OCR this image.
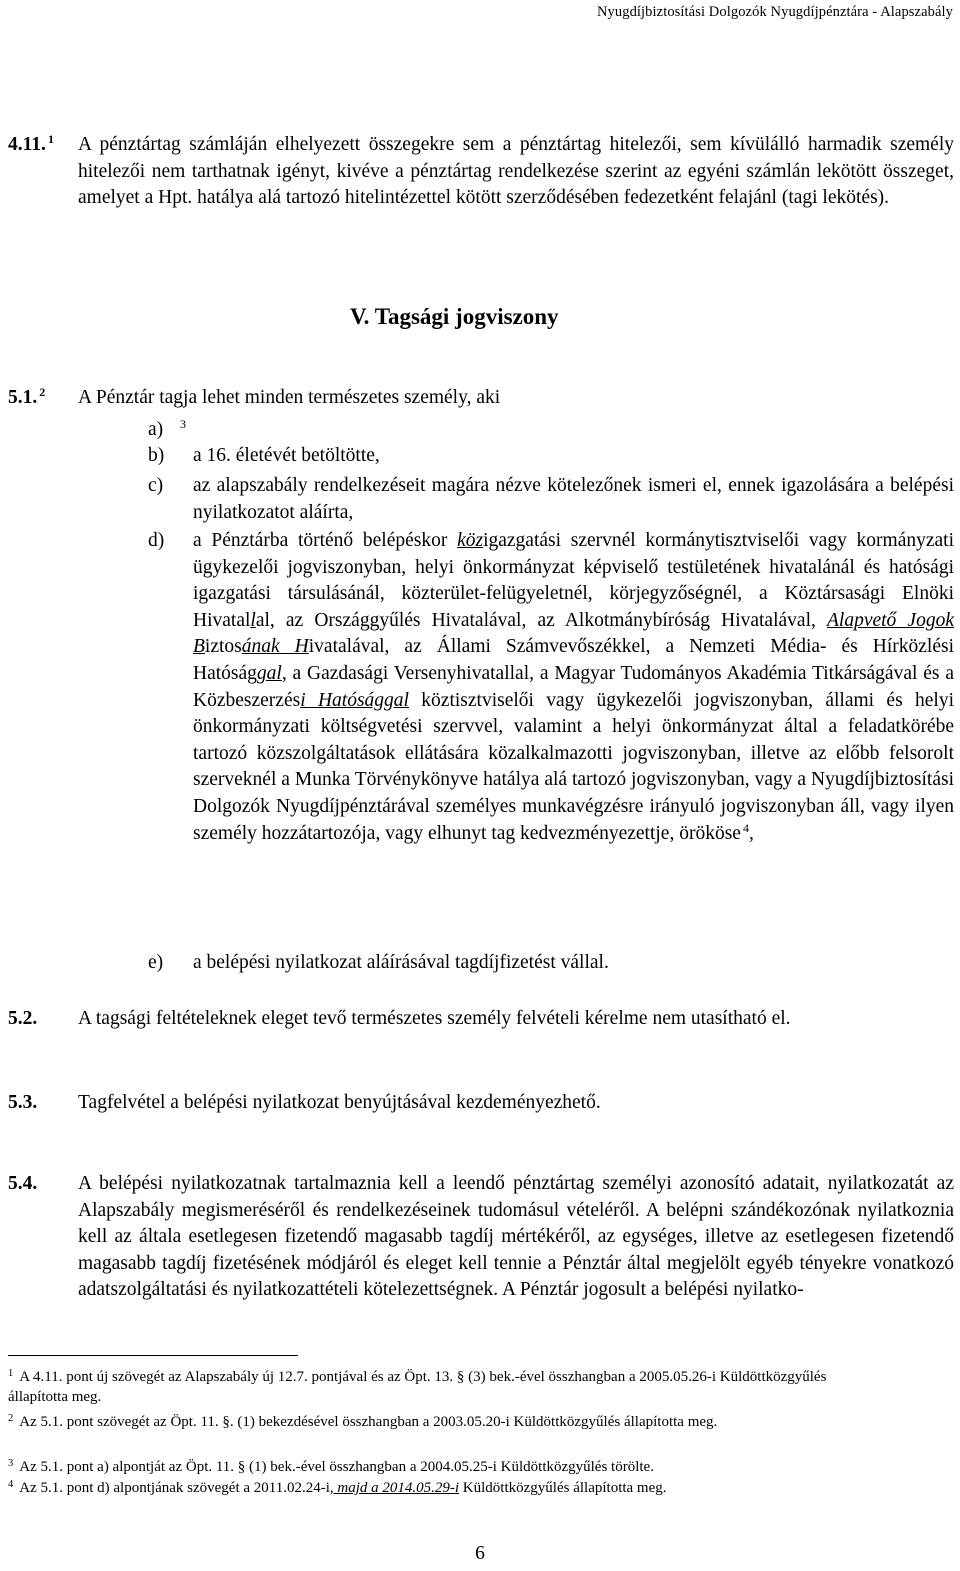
Nyugdíjbiztosítási Dolgozók Nyugdíjpénztára - Alapszabály
4.11. $^1$ A pénztártag számláján elhelyezett összegekre sem a pénztártag hitelezői, sem kívülálló harmadik személy hitelezői nem tarthatnak igényt, kivéve a pénztártag rendelkezése szerint az egyéni számlán lekötött összeget, amelyet a Hpt. hatálya alá tartozó hitelintézettel kötött szerződésében fedezetként felajánl (tagi lekötés).
V. Tagsági jogviszony
5.1. $^2$ A Pénztár tagja lehet minden természetes személy, aki
a) $^3$
b) a 16. életévét betöltötte,
c) az alapszabály rendelkezéseit magára nézve kötelezőnek ismeri el, ennek igazolására a belépési nyilatkozatot aláírta,
d) a Pénztárba történő belépéskor közigazgatási szervnél kormánytisztviselői vagy kormányzati ügykezelői jogviszonyban, helyi önkormányzat képviselő testületének hivatalánál és hatósági igazgatási társulásánál, közterület-felügyeletnél, körjegyzőségnél, a Köztársasági Elnöki Hivatallal, az Országgyűlés Hivatalával, az Alkotmánybíróság Hivatalával, Alapvető Jogok Biztosának Hivatalával, az Állami Számvevőszékkel, a Nemzeti Média- és Hírközlési Hatósággal, a Gazdasági Versenyhivatallal, a Magyar Tudományos Akadémia Titkárságával és a Közbeszerzési Hatósággal köztisztviselői vagy ügykezelői jogviszonyban, állami és helyi önkormányzati költségvetési szervvel, valamint a helyi önkormányzat által a feladatkörébe tartozó közszolgáltatások ellátására közalkalmazotti jogviszonyban, illetve az előbb felsorolt szerveknél a Munka Törvénykönyve hatálya alá tartozó jogviszonyban, vagy a Nyugdíjbiztosítási Dolgozók Nyugdíjpénztárával személyes munkavégzésre irányuló jogviszonyban áll, vagy ilyen személy hozzátartozója, vagy elhunyt tag kedvezményezettje, örököse $^4$,
e) a belépési nyilatkozat aláírásával tagdíjfizetést vállal.
5.2. A tagsági feltételeknek eleget tevő természetes személy felvételi kérelme nem utasítható el.
5.3. Tagfelvétel a belépési nyilatkozat benyújtásával kezdeményezhető.
5.4. A belépési nyilatkozatnak tartalmaznia kell a leendő pénztártag személyi azonosító adatait, nyilatkozatát az Alapszabály megismeréséről és rendelkezéseinek tudomásul vételéről. A belépni szándékozónak nyilatkoznia kell az általa esetlegesen fizetendő magasabb tagdíj mértékéről, az egységes, illetve az esetlegesen fizetendő magasabb tagdíj fizetésének módjáról és eleget kell tennie a Pénztár által megjelölt egyéb tényekre vonatkozó adatszolgáltatási és nyilatkozattételi kötelezettségnek. A Pénztár jogosult a belépési nyilatko-
$^1$ A 4.11. pont új szövegét az Alapszabály új 12.7. pontjával és az Öpt. 13. § (3) bek.-ével összhangban a 2005.05.26-i Küldöttközgyűlés állapította meg.
$^2$ Az 5.1. pont szövegét az Öpt. 11. §. (1) bekezdésével összhangban a 2003.05.20-i Küldöttközgyűlés állapította meg.
$^3$ Az 5.1. pont a) alpontját az Öpt. 11. § (1) bek.-ével összhangban a 2004.05.25-i Küldöttközgyűlés törölte.
$^4$ Az 5.1. pont d) alpontjának szövegét a 2011.02.24-i, majd a 2014.05.29-i Küldöttközgyűlés állapította meg.
6
